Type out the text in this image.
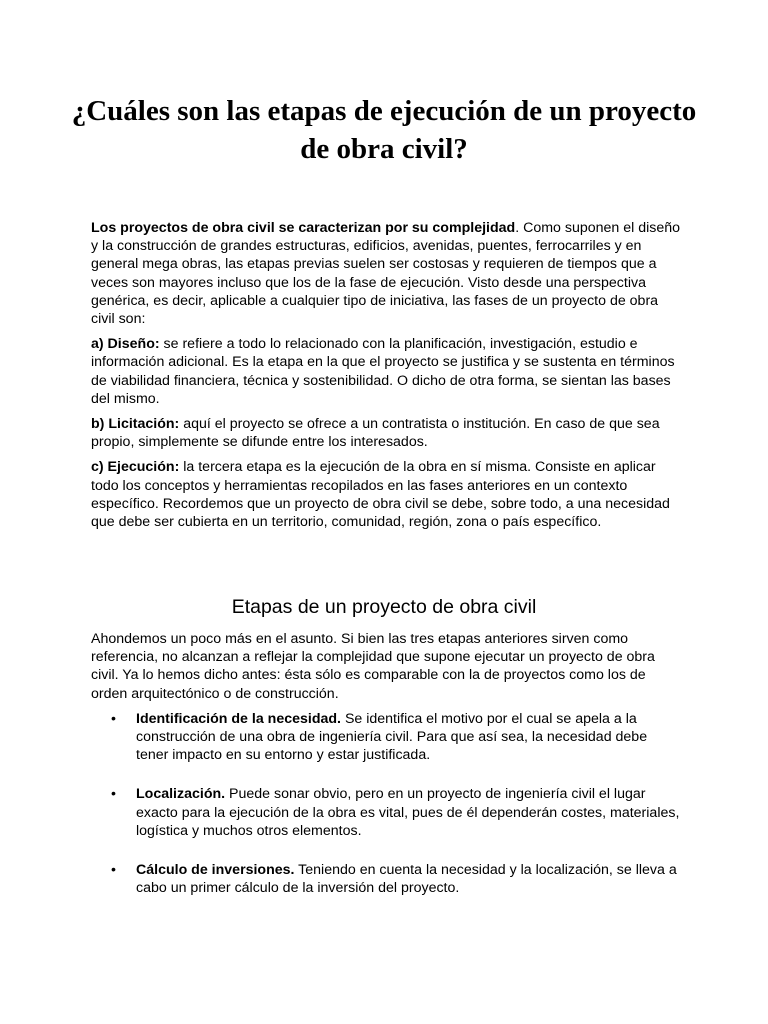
¿Cuáles son las etapas de ejecución de un proyecto de obra civil?

Los proyectos de obra civil se caracterizan por su complejidad. Como suponen el diseño y la construcción de grandes estructuras, edificios, avenidas, puentes, ferrocarriles y en general mega obras, las etapas previas suelen ser costosas y requieren de tiempos que a veces son mayores incluso que los de la fase de ejecución. Visto desde una perspectiva genérica, es decir, aplicable a cualquier tipo de iniciativa, las fases de un proyecto de obra civil son:

a) Diseño: se refiere a todo lo relacionado con la planificación, investigación, estudio e información adicional. Es la etapa en la que el proyecto se justifica y se sustenta en términos de viabilidad financiera, técnica y sostenibilidad. O dicho de otra forma, se sientan las bases del mismo.

b) Licitación: aquí el proyecto se ofrece a un contratista o institución. En caso de que sea propio, simplemente se difunde entre los interesados.

c) Ejecución: la tercera etapa es la ejecución de la obra en sí misma. Consiste en aplicar todo los conceptos y herramientas recopilados en las fases anteriores en un contexto específico. Recordemos que un proyecto de obra civil se debe, sobre todo, a una necesidad que debe ser cubierta en un territorio, comunidad, región, zona o país específico.

Etapas de un proyecto de obra civil

Ahondemos un poco más en el asunto. Si bien las tres etapas anteriores sirven como referencia, no alcanzan a reflejar la complejidad que supone ejecutar un proyecto de obra civil. Ya lo hemos dicho antes: ésta sólo es comparable con la de proyectos como los de orden arquitectónico o de construcción.

• Identificación de la necesidad. Se identifica el motivo por el cual se apela a la construcción de una obra de ingeniería civil. Para que así sea, la necesidad debe tener impacto en su entorno y estar justificada.
• Localización. Puede sonar obvio, pero en un proyecto de ingeniería civil el lugar exacto para la ejecución de la obra es vital, pues de él dependerán costes, materiales, logística y muchos otros elementos.
• Cálculo de inversiones. Teniendo en cuenta la necesidad y la localización, se lleva a cabo un primer cálculo de la inversión del proyecto.
